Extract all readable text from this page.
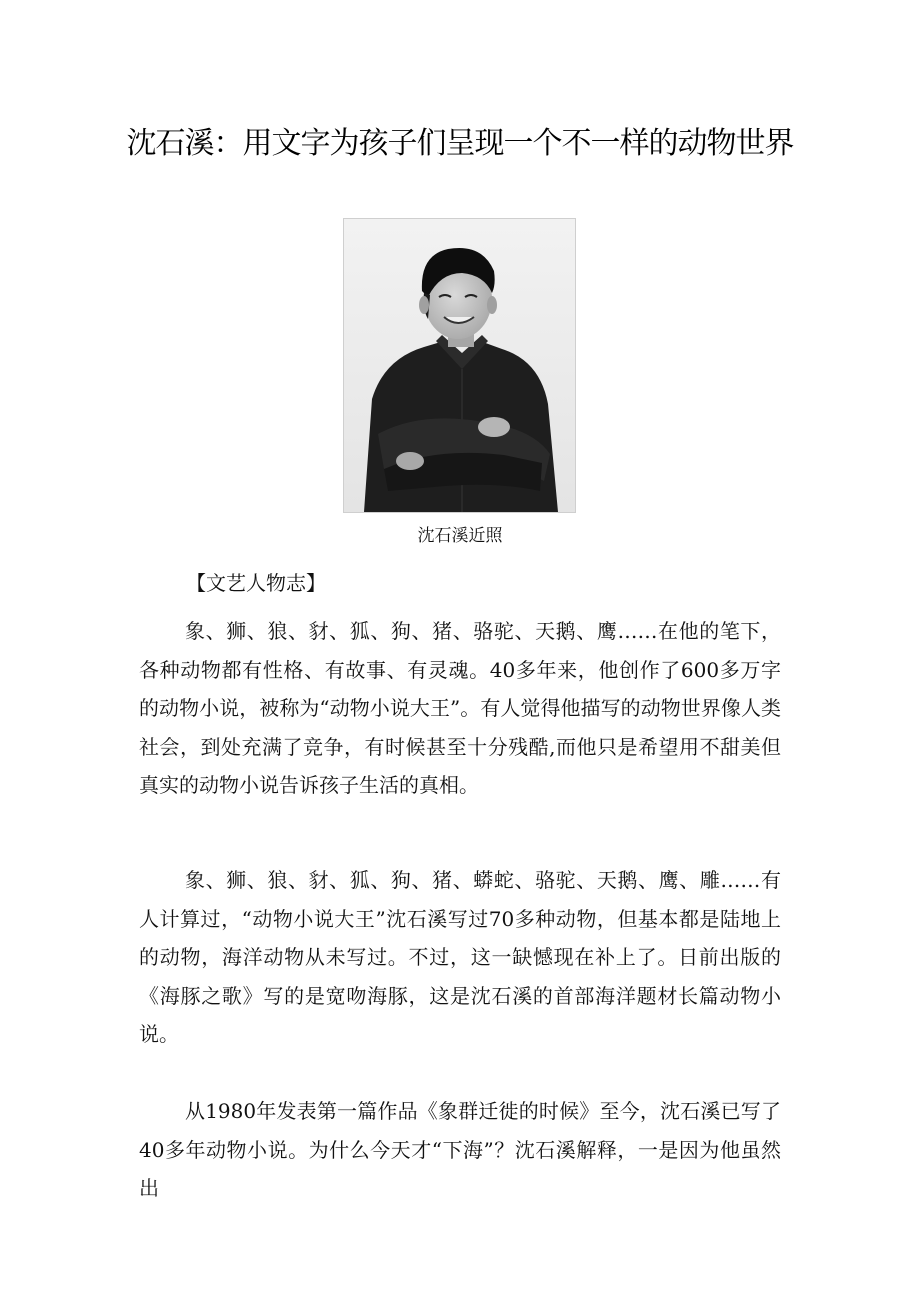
沈石溪：用文字为孩子们呈现一个不一样的动物世界
沈石溪近照
【文艺人物志】

象、狮、狼、豺、狐、狗、猪、骆驼、天鹅、鹰……在他的笔下，各种动物都有性格、有故事、有灵魂。40多年来，他创作了600多万字的动物小说，被称为“动物小说大王”。有人觉得他描写的动物世界像人类社会，到处充满了竞争，有时候甚至十分残酷,而他只是希望用不甜美但真实的动物小说告诉孩子生活的真相。

象、狮、狼、豺、狐、狗、猪、蟒蛇、骆驼、天鹅、鹰、雕……有人计算过，“动物小说大王”沈石溪写过70多种动物，但基本都是陆地上的动物，海洋动物从未写过。不过，这一缺憾现在补上了。日前出版的《海豚之歌》写的是宽吻海豚，这是沈石溪的首部海洋题材长篇动物小说。

从1980年发表第一篇作品《象群迁徙的时候》至今，沈石溪已写了40多年动物小说。为什么今天才“下海”？沈石溪解释，一是因为他虽然出
